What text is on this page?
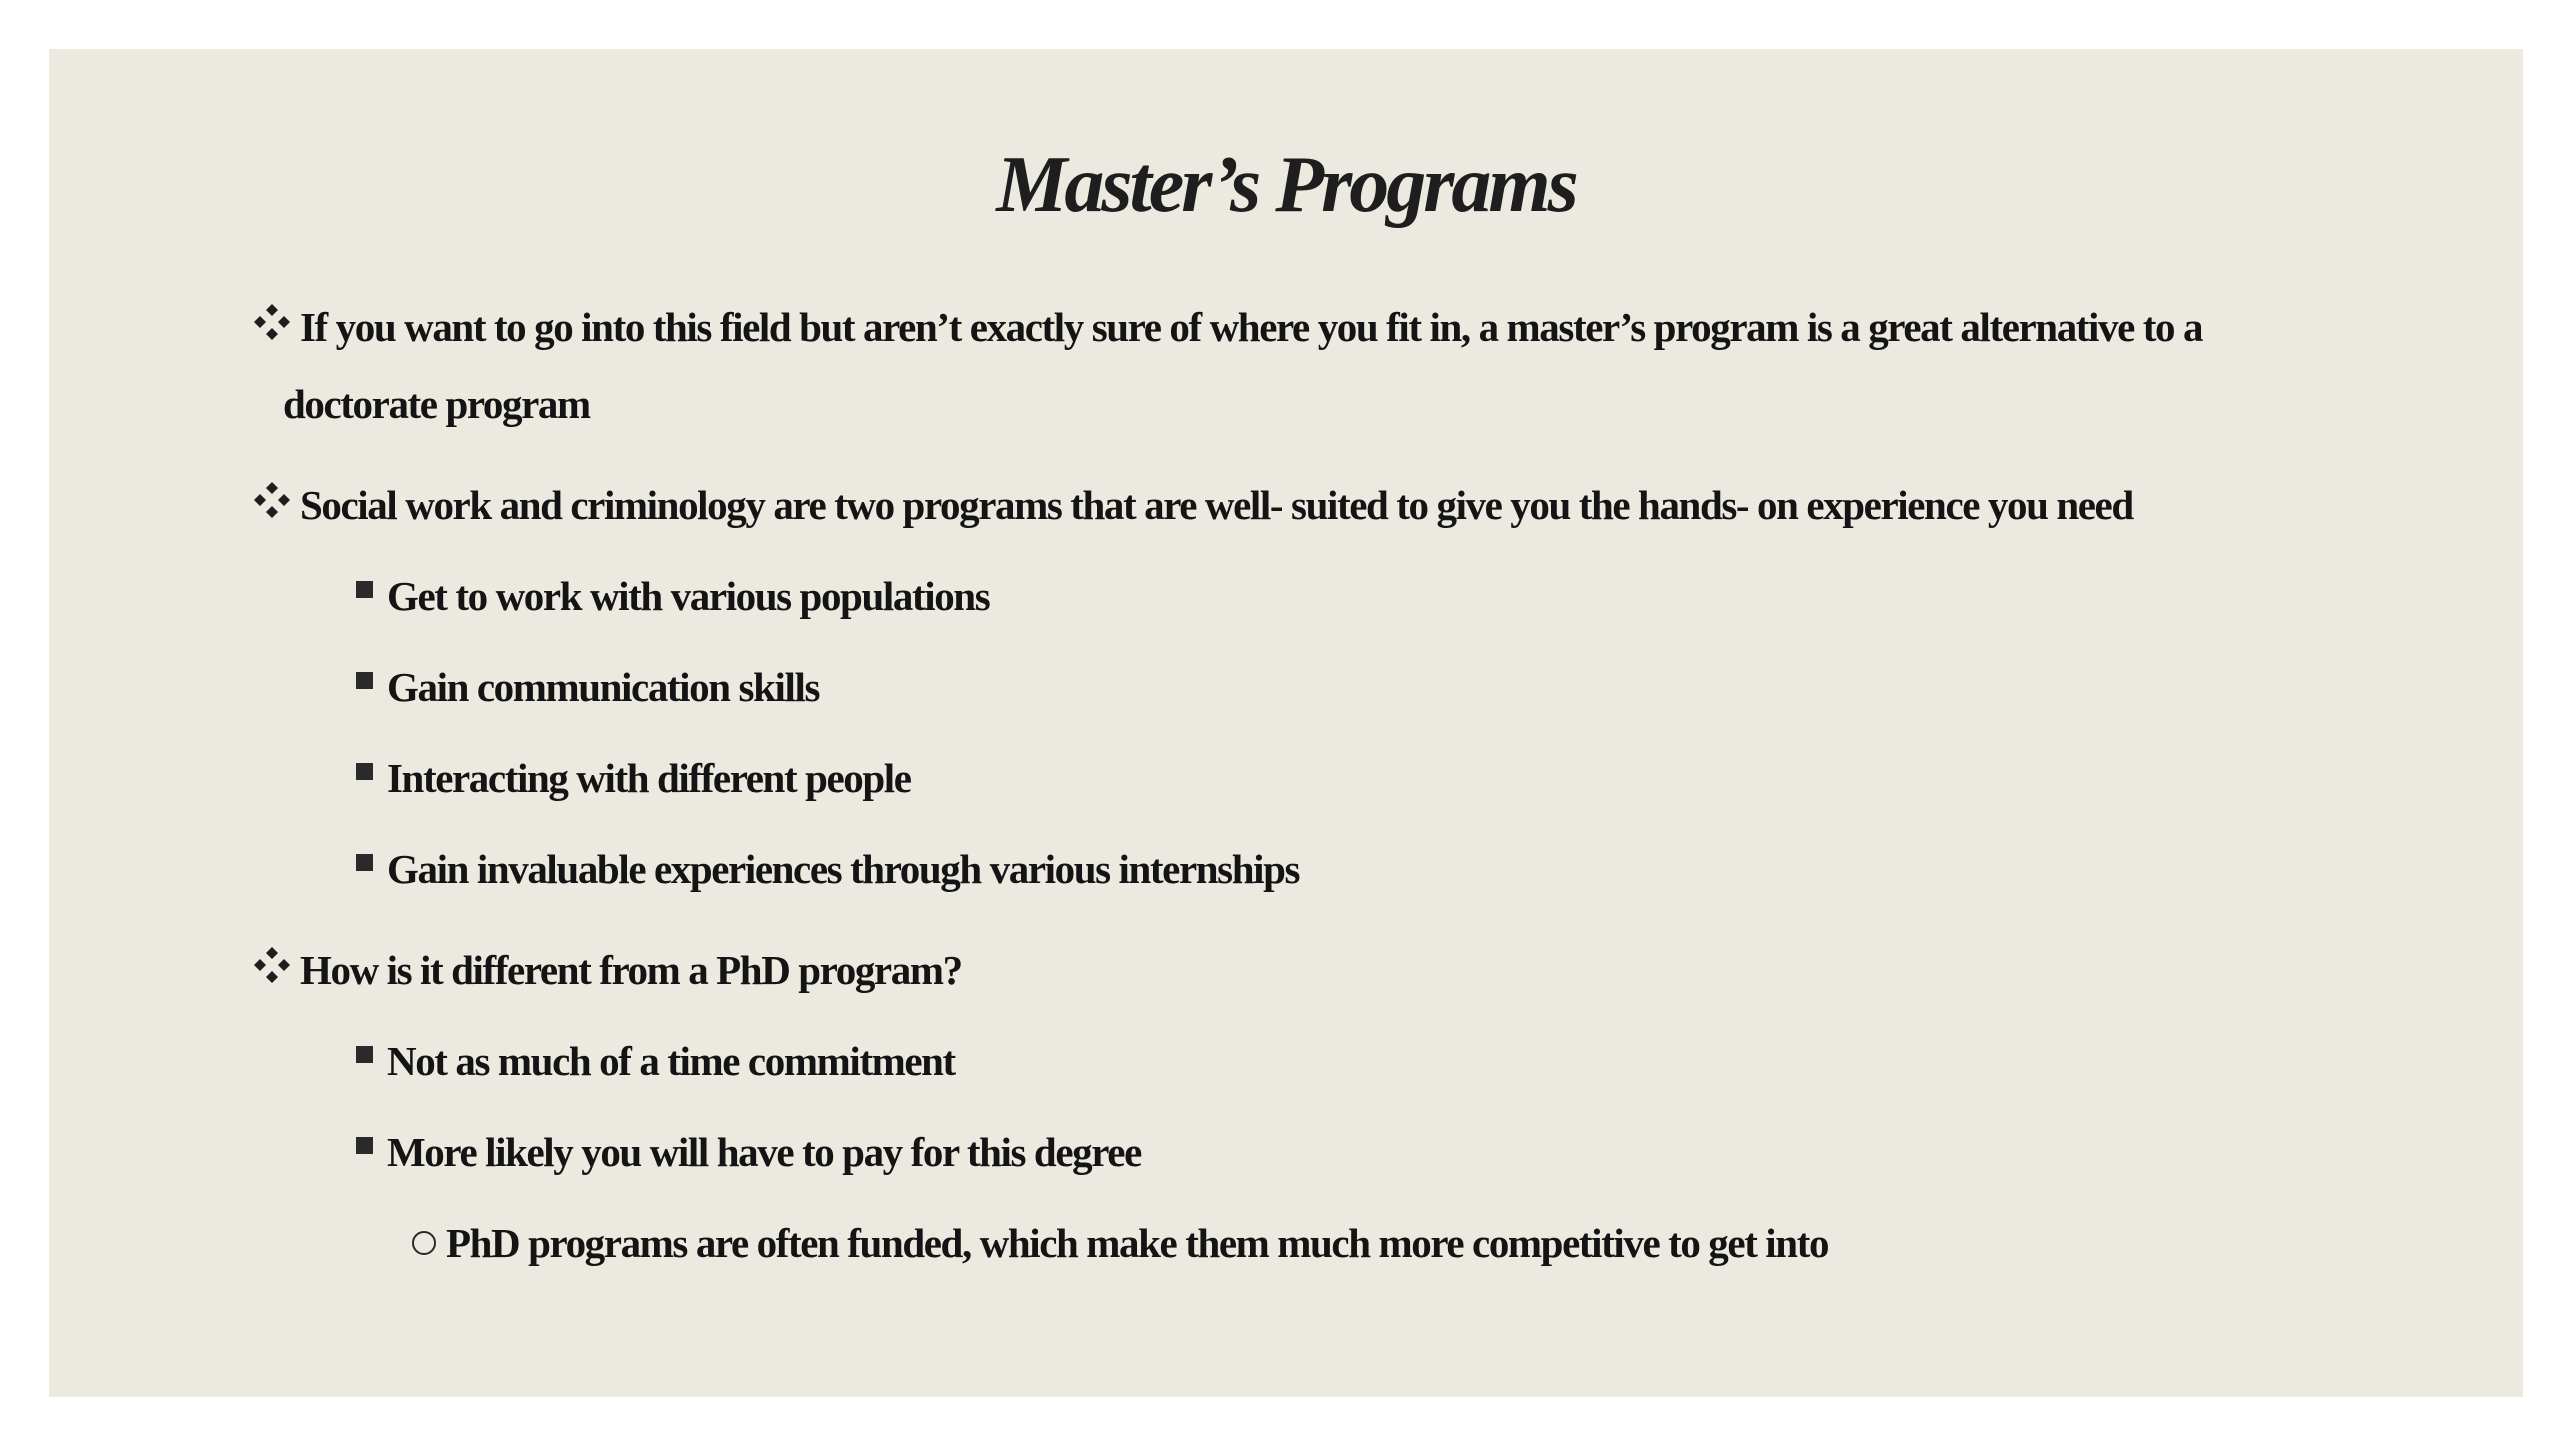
Master’s Programs
If you want to go into this field but aren’t exactly sure of where you fit in, a master’s program is a great alternative to a
doctorate program
Social work and criminology are two programs that are well- suited to give you the hands- on experience you need
Get to work with various populations
Gain communication skills
Interacting with different people
Gain invaluable experiences through various internships
How is it different from a PhD program?
Not as much of a time commitment
More likely you will have to pay for this degree
PhD programs are often funded, which make them much more competitive to get into
